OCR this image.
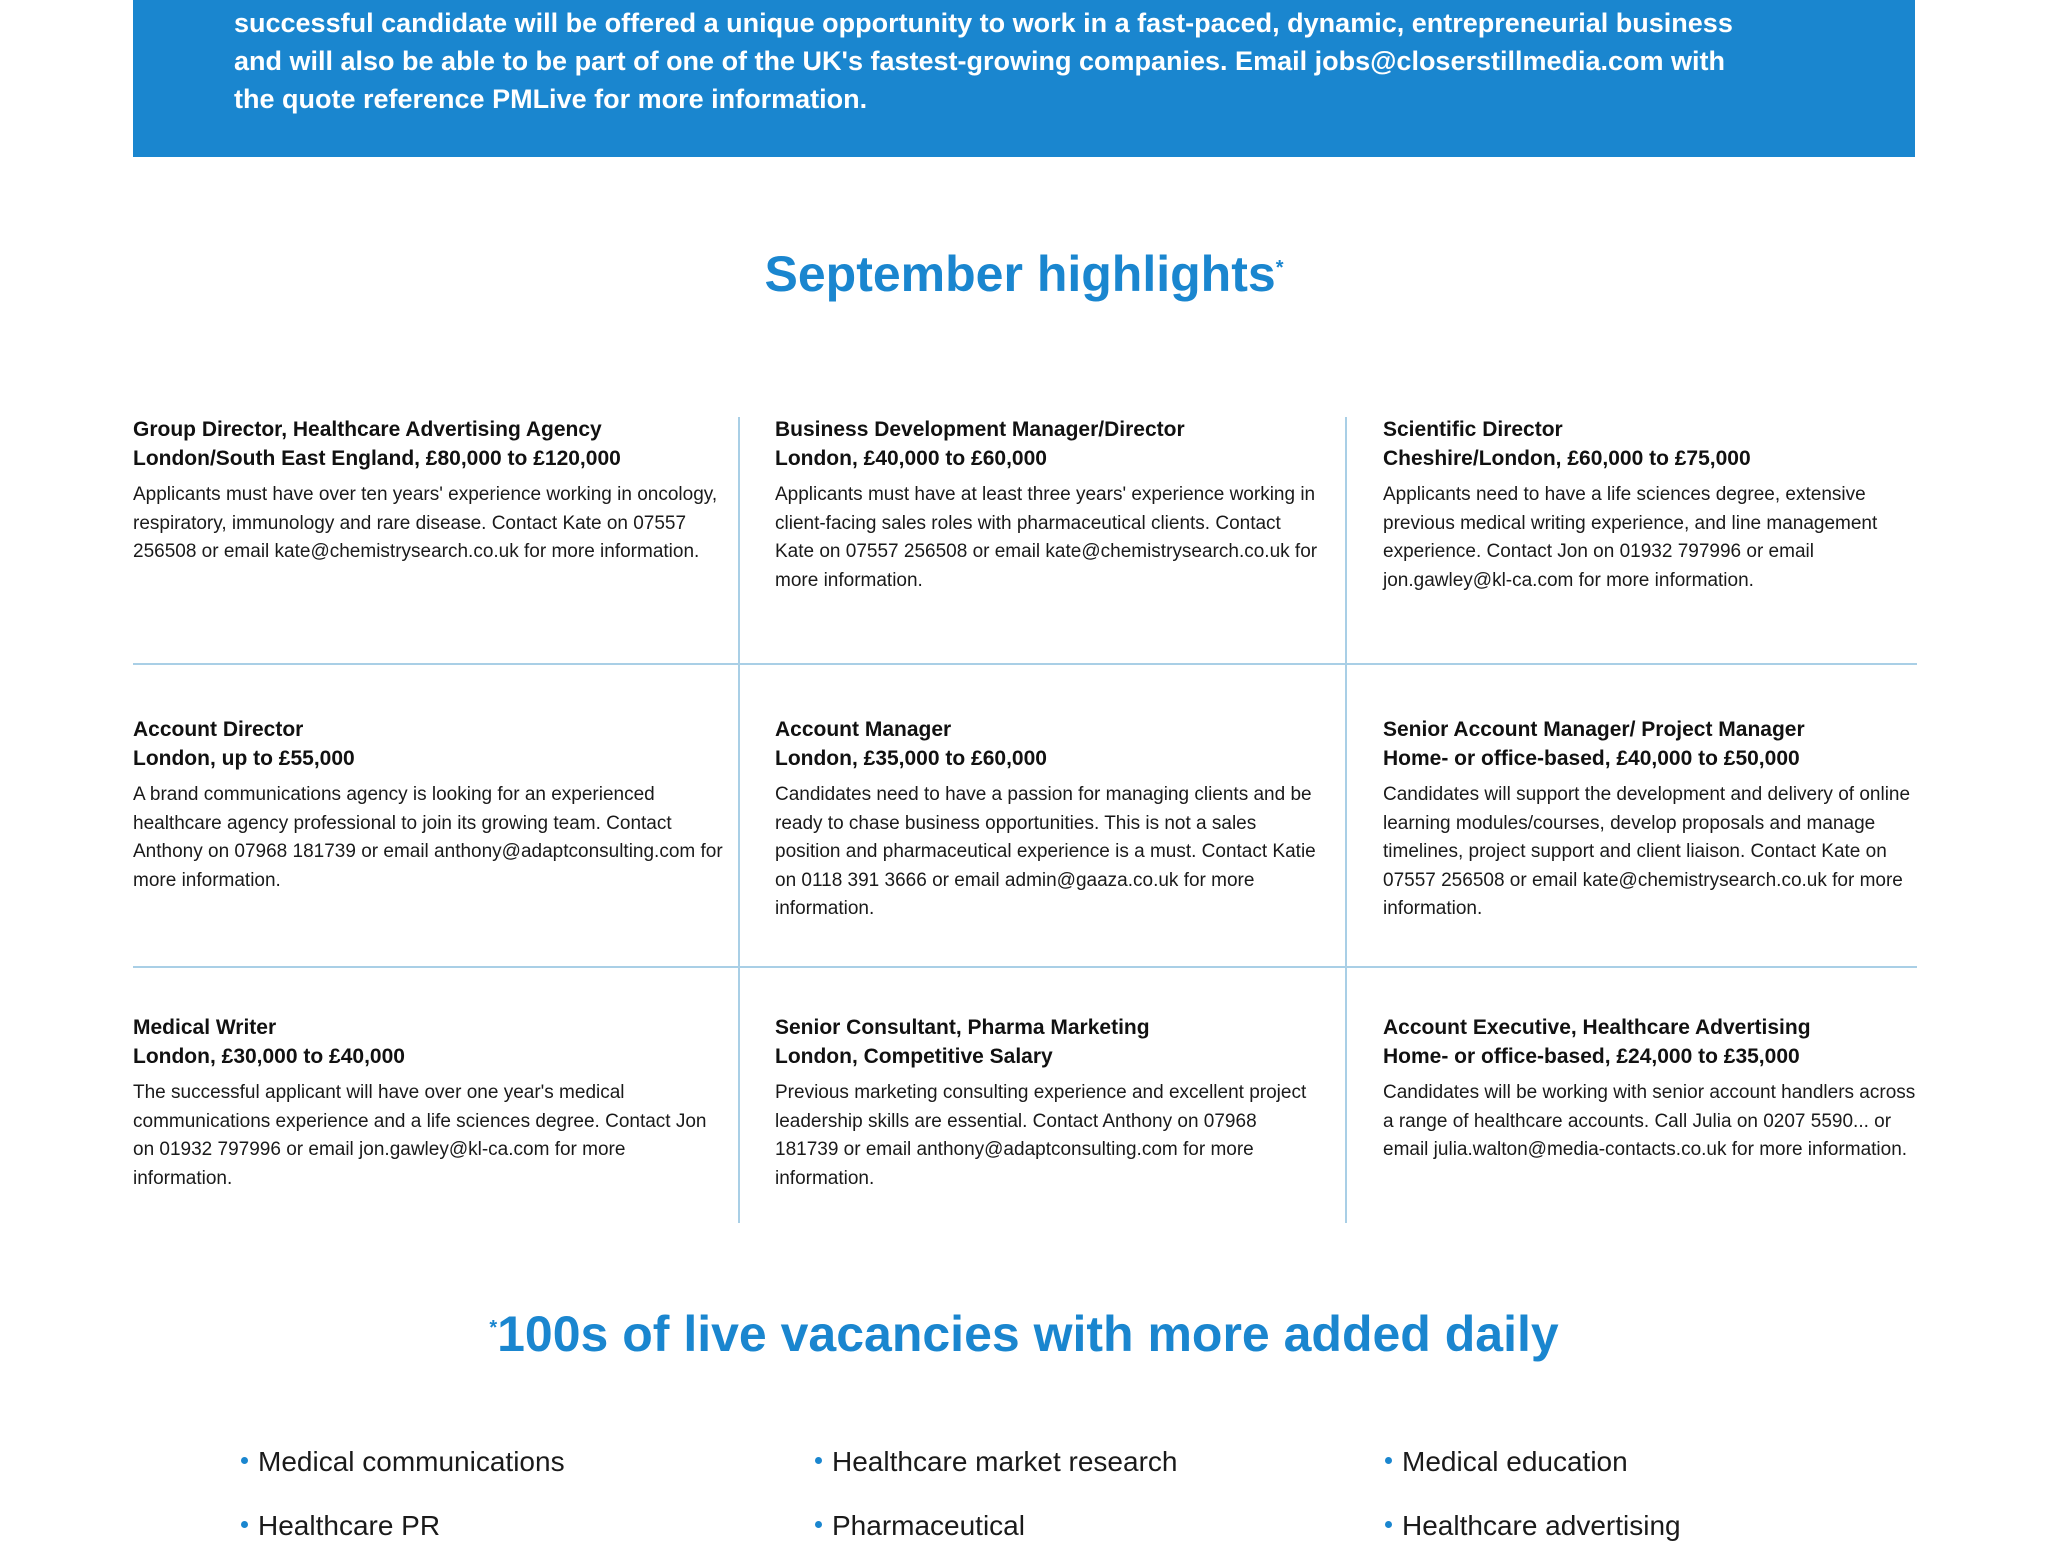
successful candidate will be offered a unique opportunity to work in a fast-paced, dynamic, entrepreneurial business

and will also be able to be part of one of the UK's fastest-growing companies. Email jobs@closerstillmedia.com with

the quote reference PMLive for more information.

September highlights*

Group Director, Healthcare Advertising Agency

London/South East England, £80,000 to £120,000

Applicants must have over ten years' experience working in oncology, respiratory, immunology and rare disease. Contact Kate on 07557 256508 or email kate@chemistrysearch.co.uk for more information.

Business Development Manager/Director

London, £40,000 to £60,000

Applicants must have at least three years' experience working in client-facing sales roles with pharmaceutical clients. Contact Kate on 07557 256508 or email kate@chemistrysearch.co.uk for more information.

Scientific Director

Cheshire/London, £60,000 to £75,000

Applicants need to have a life sciences degree, extensive previous medical writing experience, and line management experience. Contact Jon on 01932 797996 or email jon.gawley@kl-ca.com for more information.

Account Director

London, up to £55,000

A brand communications agency is looking for an experienced healthcare agency professional to join its growing team. Contact Anthony on 07968 181739 or email anthony@adaptconsulting.com for more information.

Account Manager

London, £35,000 to £60,000

Candidates need to have a passion for managing clients and be ready to chase business opportunities. This is not a sales position and pharmaceutical experience is a must. Contact Katie on 0118 391 3666 or email admin@gaaza.co.uk for more information.

Senior Account Manager/ Project Manager

Home- or office-based, £40,000 to £50,000

Candidates will support the development and delivery of online learning modules/courses, develop proposals and manage timelines, project support and client liaison. Contact Kate on 07557 256508 or email kate@chemistrysearch.co.uk for more information.

Medical Writer

London, £30,000 to £40,000

The successful applicant will have over one year's medical communications experience and a life sciences degree. Contact Jon on 01932 797996 or email jon.gawley@kl-ca.com for more information.

Senior Consultant, Pharma Marketing

London, Competitive Salary

Previous marketing consulting experience and excellent project leadership skills are essential. Contact Anthony on 07968 181739 or email anthony@adaptconsulting.com for more information.

Account Executive, Healthcare Advertising

Home- or office-based, £24,000 to £35,000

Candidates will be working with senior account handlers across a range of healthcare accounts. Call Julia on 0207 5590... or email julia.walton@media-contacts.co.uk for more information.

*100s of live vacancies with more added daily
Medical communications	Healthcare market research	Medical education
Healthcare PR	Pharmaceutical	Healthcare advertising
